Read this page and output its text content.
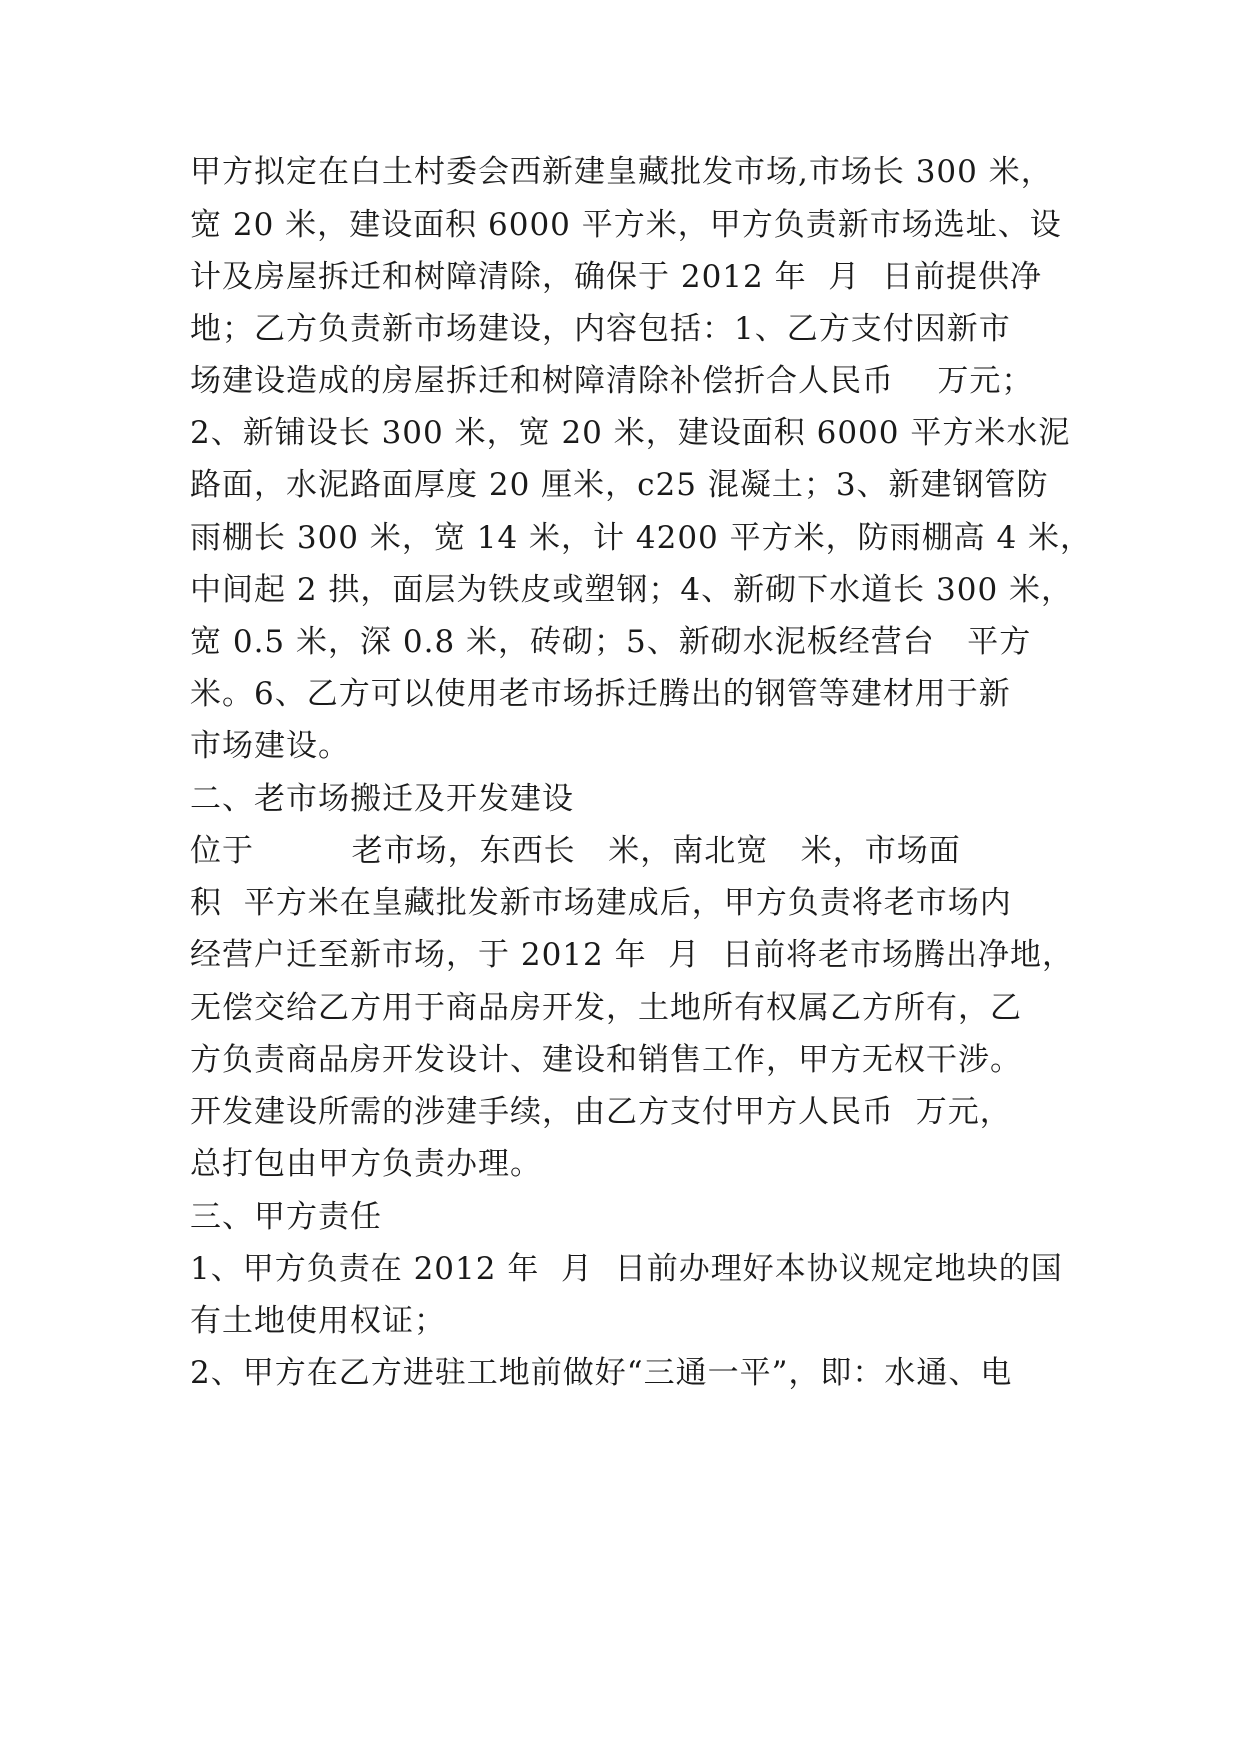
甲方拟定在白土村委会西新建皇藏批发市场,市场长 300 米，
宽 20 米，建设面积 6000 平方米，甲方负责新市场选址、设
计及房屋拆迁和树障清除，确保于 2012 年  月  日前提供净
地；乙方负责新市场建设，内容包括：1、乙方支付因新市
场建设造成的房屋拆迁和树障清除补偿折合人民币    万元；
2、新铺设长 300 米，宽 20 米，建设面积 6000 平方米水泥
路面，水泥路面厚度 20 厘米，c25 混凝土；3、新建钢管防
雨棚长 300 米，宽 14 米，计 4200 平方米，防雨棚高 4 米，
中间起 2 拱，面层为铁皮或塑钢；4、新砌下水道长 300 米，
宽 0.5 米，深 0.8 米，砖砌；5、新砌水泥板经营台   平方
米。6、乙方可以使用老市场拆迁腾出的钢管等建材用于新
市场建设。
二、老市场搬迁及开发建设
位于         老市场，东西长   米，南北宽   米，市场面
积  平方米在皇藏批发新市场建成后，甲方负责将老市场内
经营户迁至新市场，于 2012 年  月  日前将老市场腾出净地，
无偿交给乙方用于商品房开发，土地所有权属乙方所有，乙
方负责商品房开发设计、建设和销售工作，甲方无权干涉。
开发建设所需的涉建手续，由乙方支付甲方人民币  万元，
总打包由甲方负责办理。
三、甲方责任
1、甲方负责在 2012 年  月  日前办理好本协议规定地块的国
有土地使用权证；
2、甲方在乙方进驻工地前做好“三通一平”，即：水通、电
